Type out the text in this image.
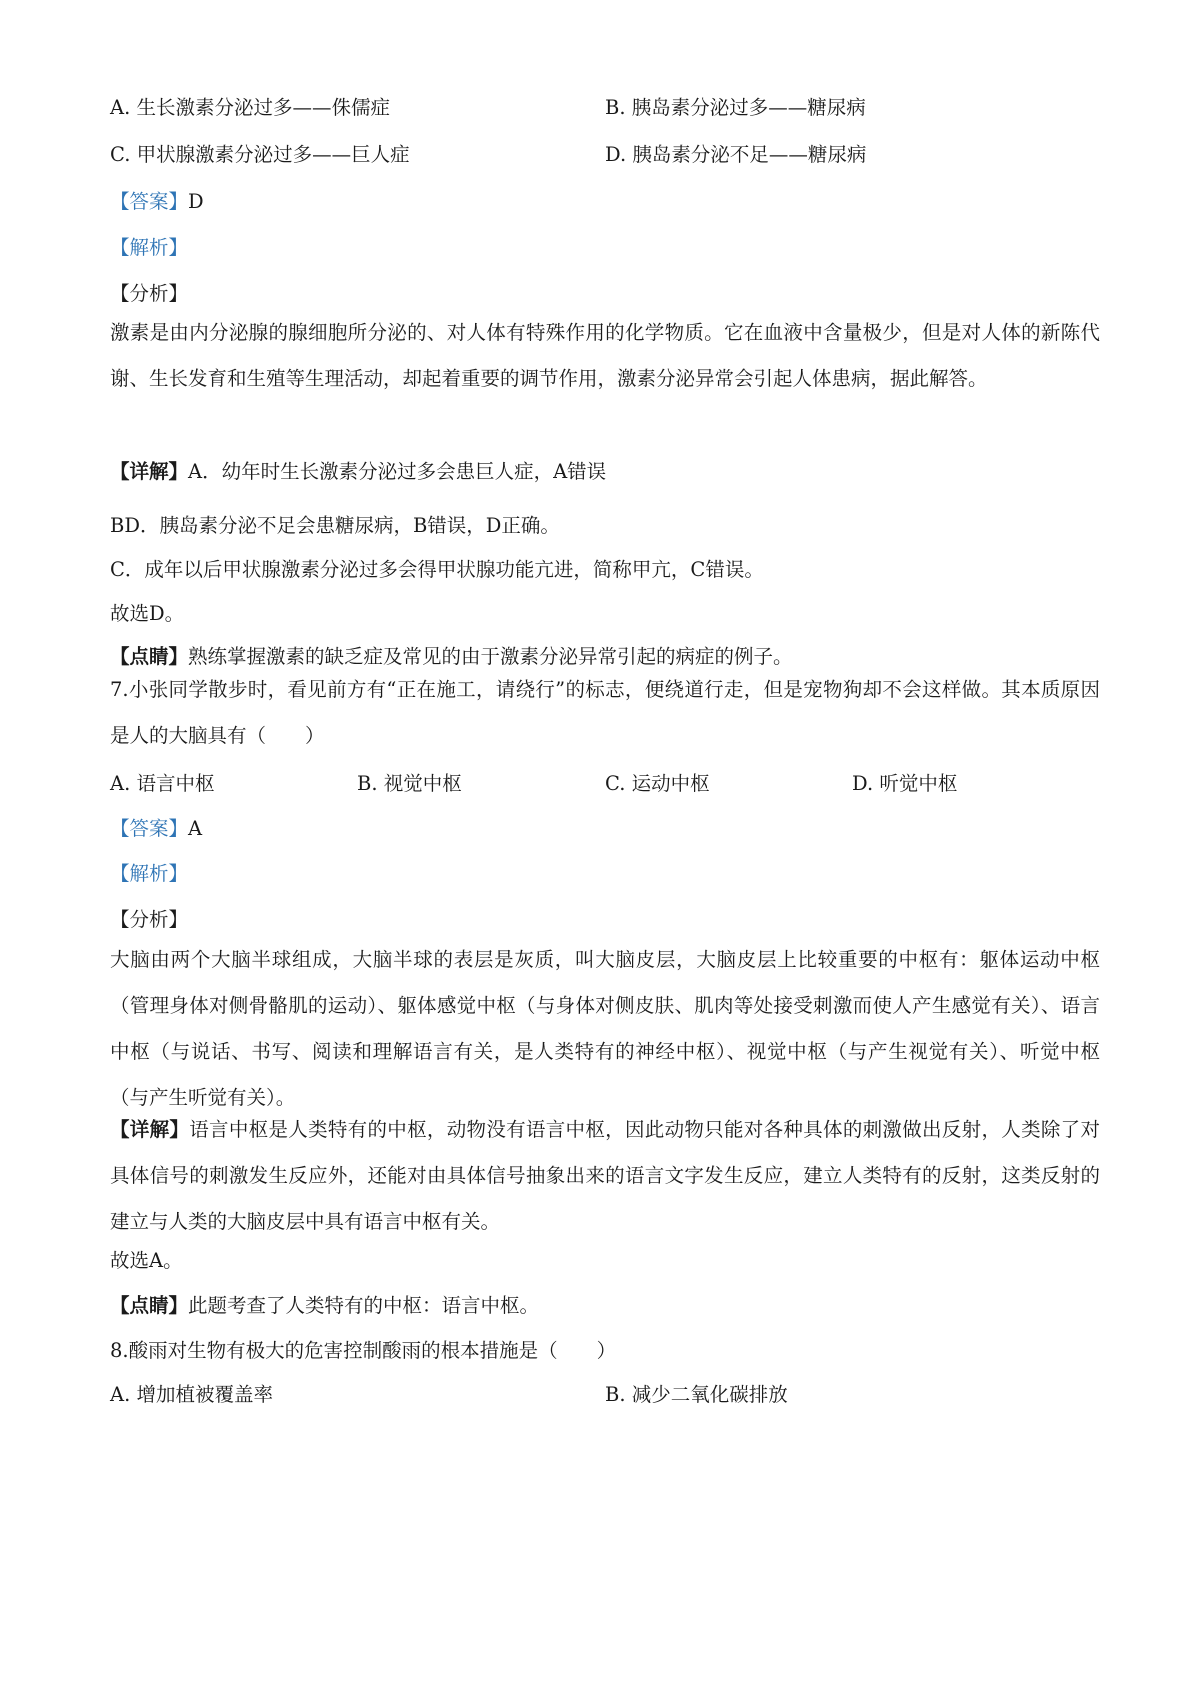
A. 生长激素分泌过多——侏儒症	B. 胰岛素分泌过多——糖尿病
C. 甲状腺激素分泌过多——巨人症	D. 胰岛素分泌不足——糖尿病
【答案】D
【解析】
【分析】
激素是由内分泌腺的腺细胞所分泌的、对人体有特殊作用的化学物质。它在血液中含量极少，但是对人体的新陈代谢、生长发育和生殖等生理活动，却起着重要的调节作用，激素分泌异常会引起人体患病，据此解答。
【详解】A．幼年时生长激素分泌过多会患巨人症，A错误
BD．胰岛素分泌不足会患糖尿病，B错误，D正确。
C．成年以后甲状腺激素分泌过多会得甲状腺功能亢进，简称甲亢，C错误。
故选D。
【点睛】熟练掌握激素的缺乏症及常见的由于激素分泌异常引起的病症的例子。
7.小张同学散步时，看见前方有“正在施工，请绕行”的标志，便绕道行走，但是宠物狗却不会这样做。其本质原因是人的大脑具有（　　）
A. 语言中枢	B. 视觉中枢	C. 运动中枢	D. 听觉中枢
【答案】A
【解析】
【分析】
大脑由两个大脑半球组成，大脑半球的表层是灰质，叫大脑皮层，大脑皮层上比较重要的中枢有：躯体运动中枢（管理身体对侧骨骼肌的运动）、躯体感觉中枢（与身体对侧皮肤、肌肉等处接受刺激而使人产生感觉有关）、语言中枢（与说话、书写、阅读和理解语言有关，是人类特有的神经中枢）、视觉中枢（与产生视觉有关）、听觉中枢（与产生听觉有关）。
【详解】语言中枢是人类特有的中枢，动物没有语言中枢，因此动物只能对各种具体的刺激做出反射，人类除了对具体信号的刺激发生反应外，还能对由具体信号抽象出来的语言文字发生反应，建立人类特有的反射，这类反射的建立与人类的大脑皮层中具有语言中枢有关。
故选A。
【点睛】此题考查了人类特有的中枢：语言中枢。
8.酸雨对生物有极大的危害控制酸雨的根本措施是（　　）
A. 增加植被覆盖率	B. 减少二氧化碳排放
